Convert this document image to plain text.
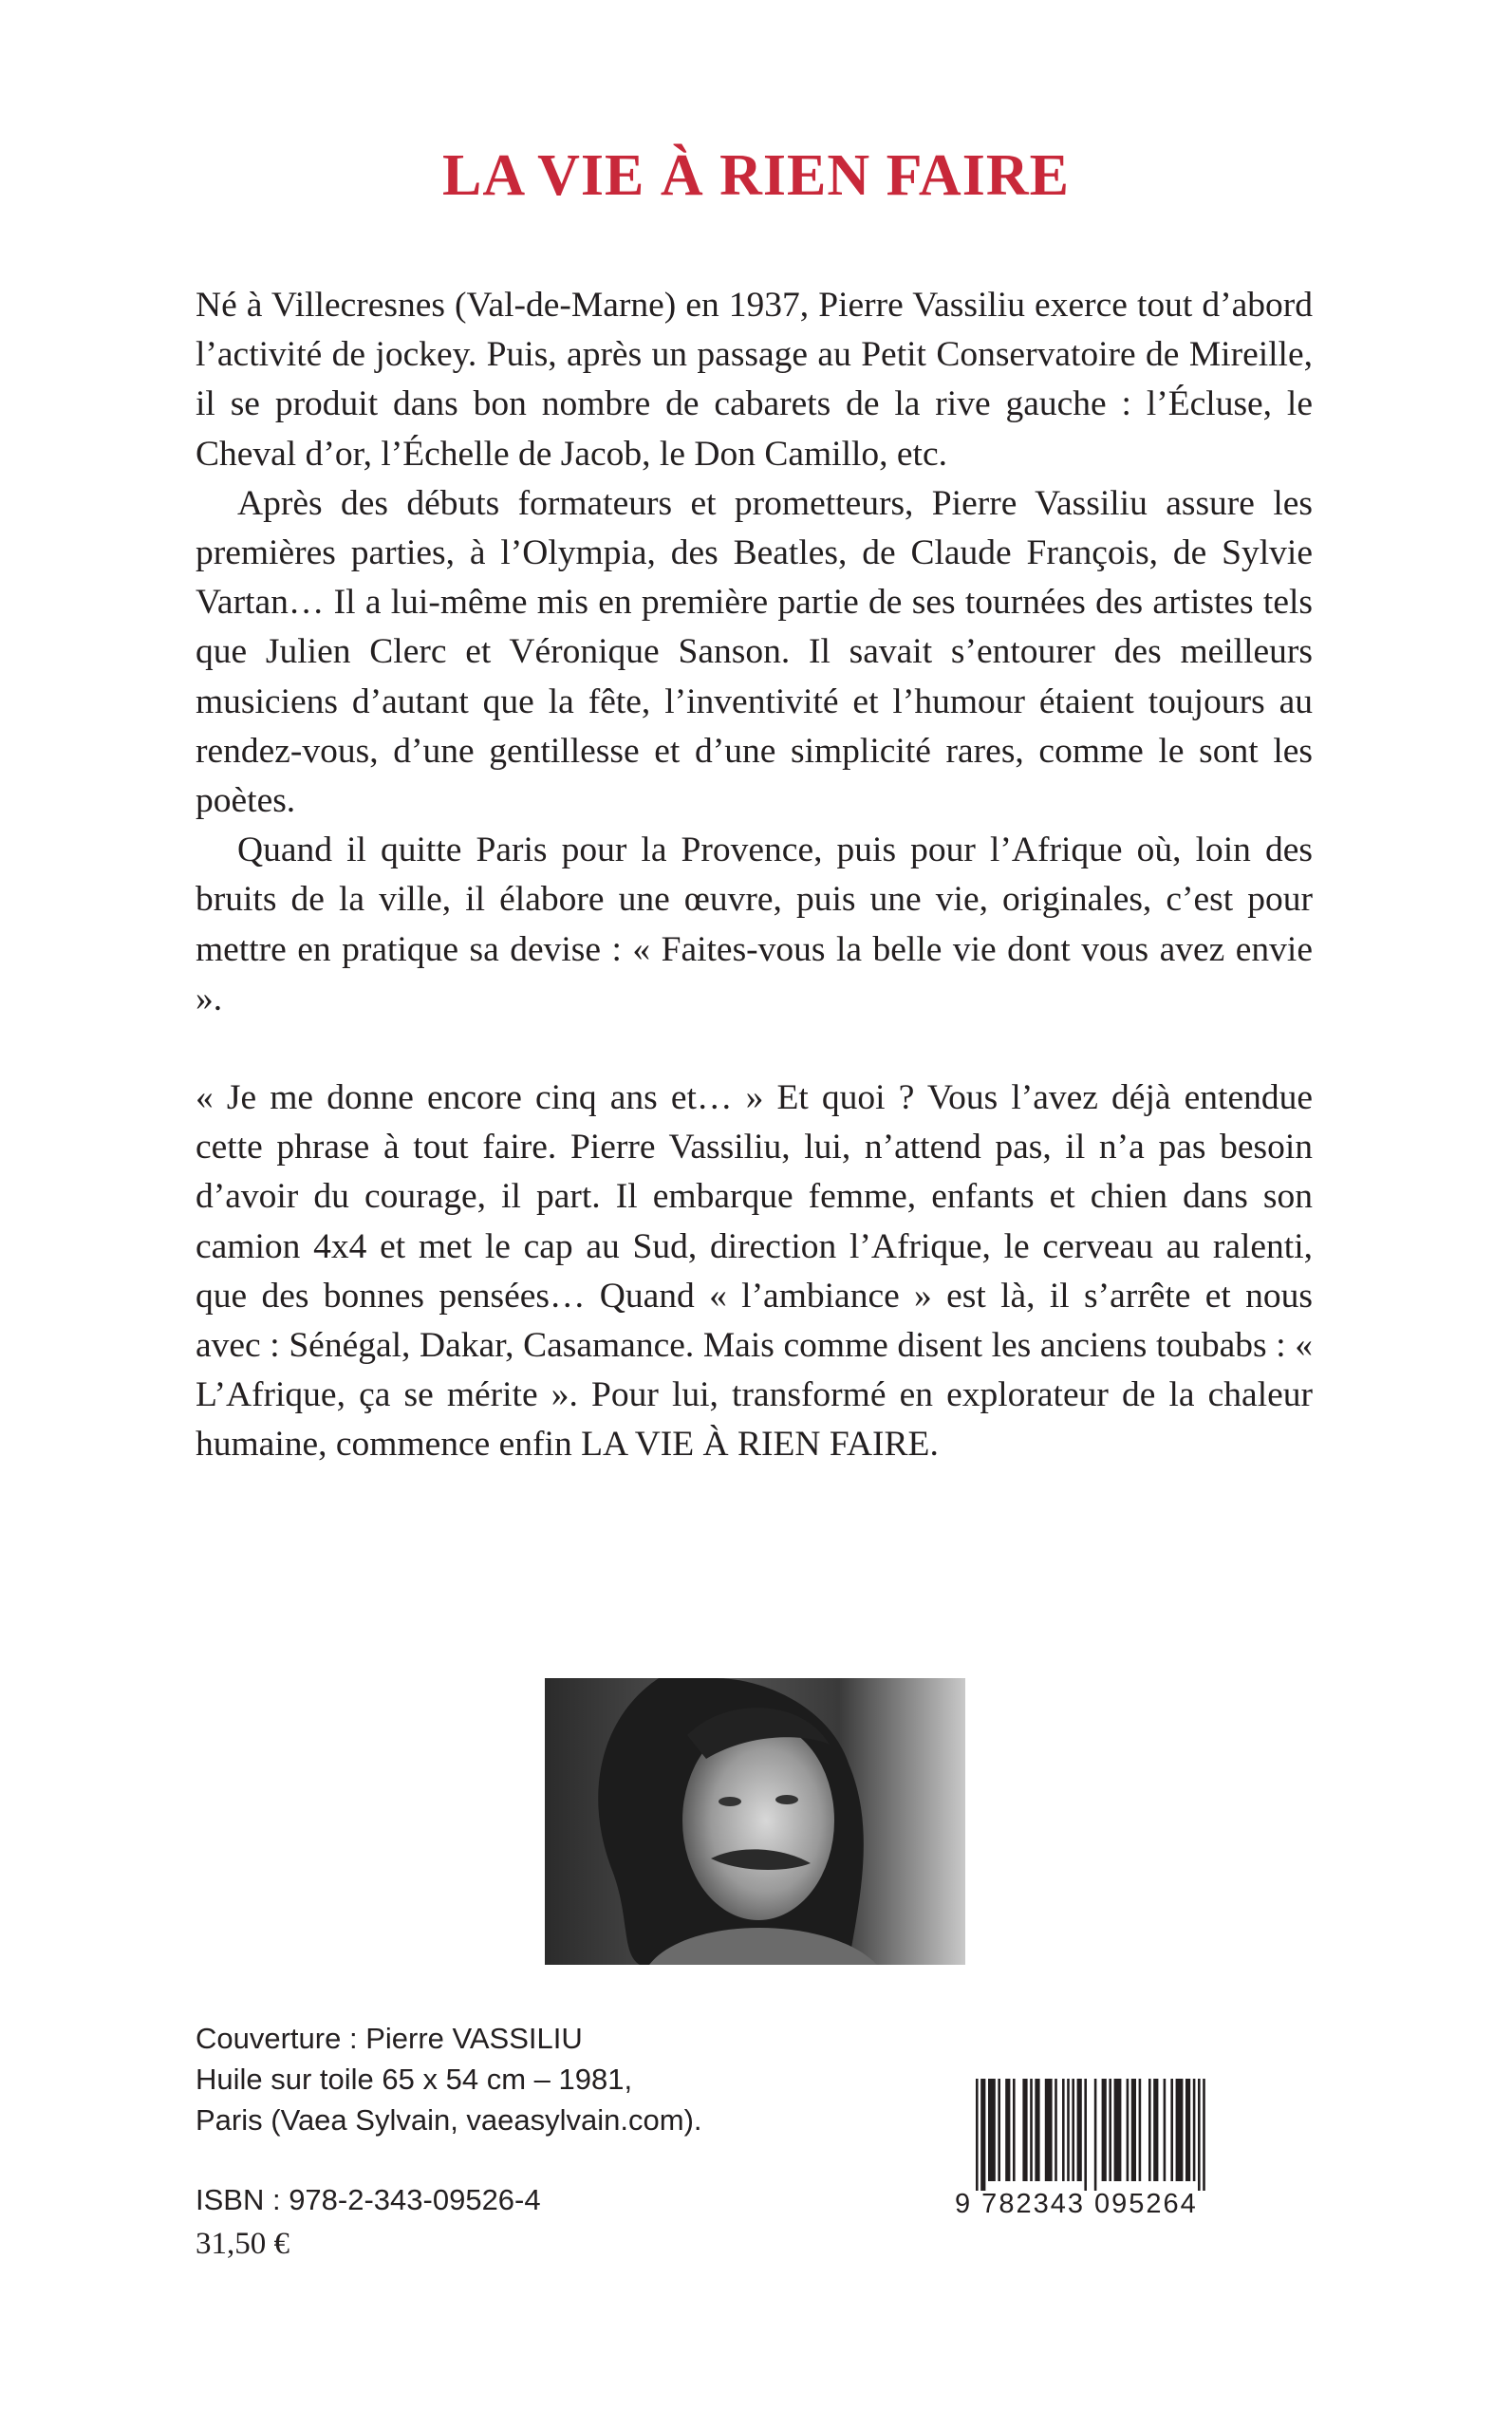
LA VIE À RIEN FAIRE

Né à Villecresnes (Val-de-Marne) en 1937, Pierre Vassiliu exerce tout d’abord l’activité de jockey. Puis, après un passage au Petit Conservatoire de Mireille, il se produit dans bon nombre de cabarets de la rive gauche : l’Écluse, le Cheval d’or, l’Échelle de Jacob, le Don Camillo, etc.

Après des débuts formateurs et prometteurs, Pierre Vassiliu assure les premières parties, à l’Olympia, des Beatles, de Claude François, de Sylvie Vartan… Il a lui-même mis en première partie de ses tournées des artistes tels que Julien Clerc et Véronique Sanson. Il savait s’entourer des meilleurs musiciens d’autant que la fête, l’inventivité et l’humour étaient toujours au rendez-vous, d’une gentillesse et d’une simplicité rares, comme le sont les poètes.

Quand il quitte Paris pour la Provence, puis pour l’Afrique où, loin des bruits de la ville, il élabore une œuvre, puis une vie, originales, c’est pour mettre en pratique sa devise : « Faites-vous la belle vie dont vous avez envie ».

« Je me donne encore cinq ans et… » Et quoi ? Vous l’avez déjà entendue cette phrase à tout faire. Pierre Vassiliu, lui, n’attend pas, il n’a pas besoin d’avoir du courage, il part. Il embarque femme, enfants et chien dans son camion 4x4 et met le cap au Sud, direction l’Afrique, le cerveau au ralenti, que des bonnes pensées… Quand « l’ambiance » est là, il s’arrête et nous avec : Sénégal, Dakar, Casamance. Mais comme disent les anciens toubabs : « L’Afrique, ça se mérite ». Pour lui, transformé en explorateur de la chaleur humaine, commence enfin LA VIE À RIEN FAIRE.

Couverture : Pierre VASSILIU
Huile sur toile 65 x 54 cm – 1981,
Paris (Vaea Sylvain, vaeasylvain.com).
ISBN : 978-2-343-09526-4
31,50 €
9 782343 095264
